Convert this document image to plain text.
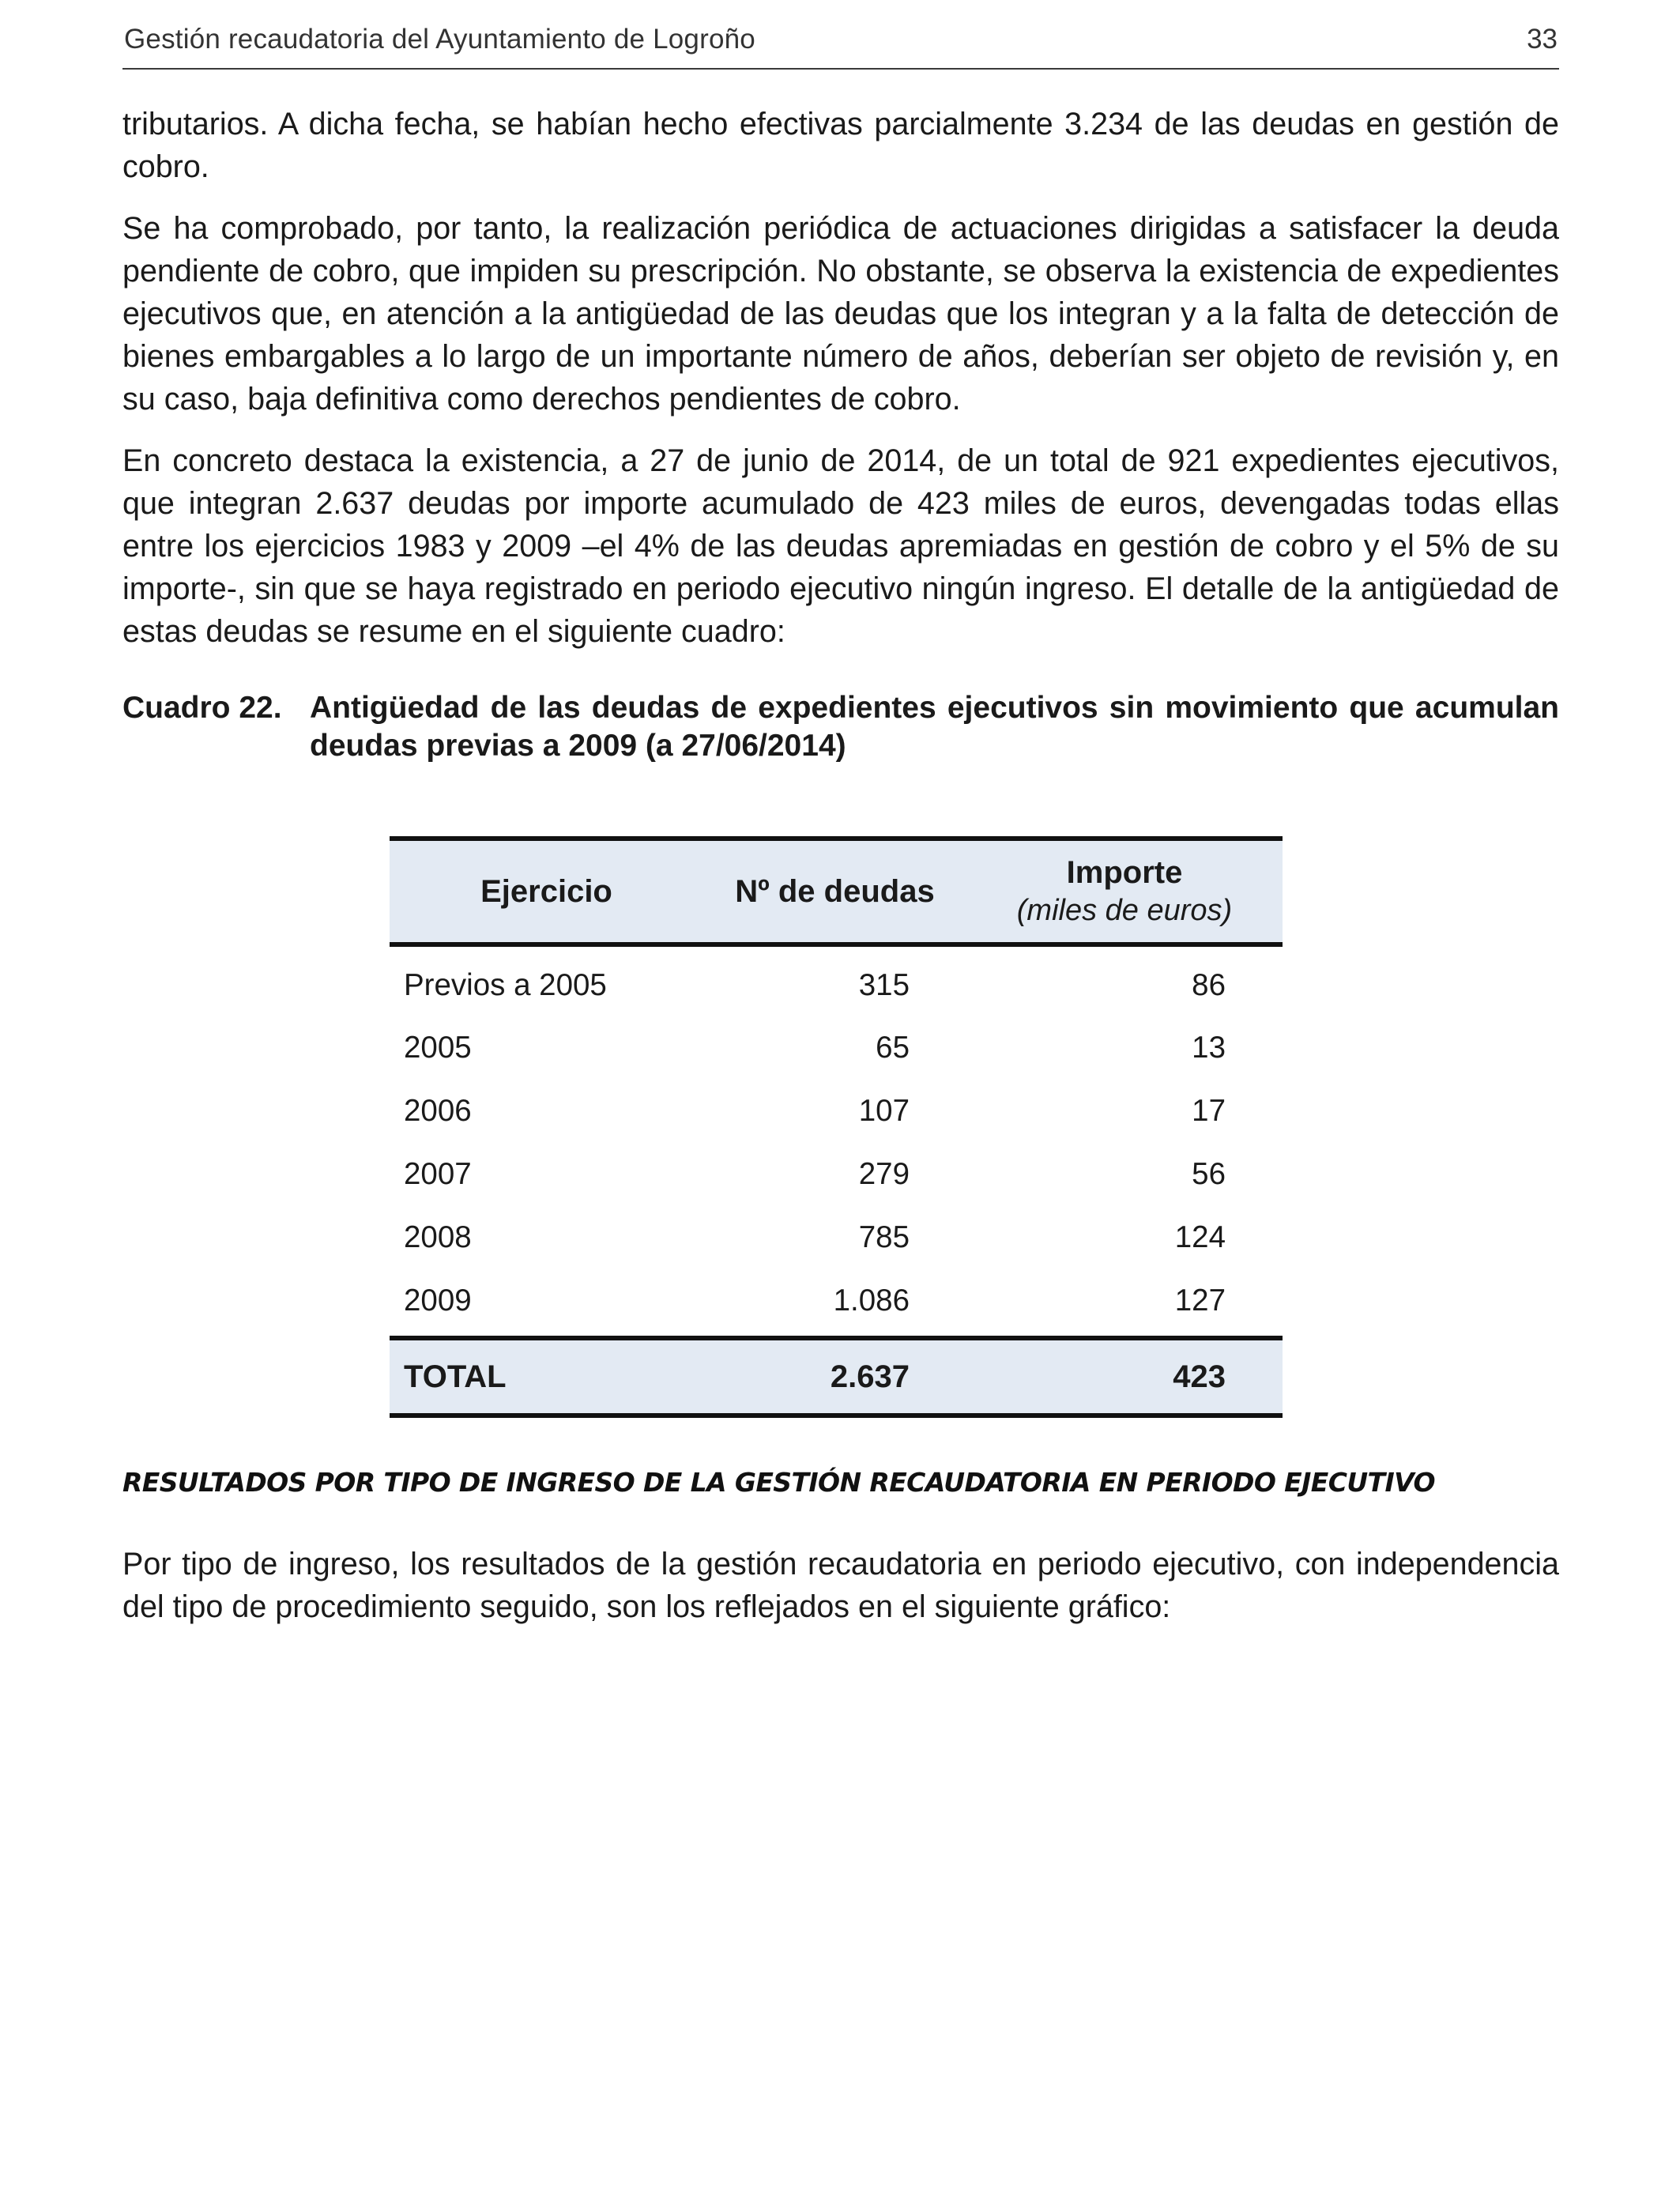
Gestión recaudatoria del Ayuntamiento de Logroño	33

tributarios. A dicha fecha, se habían hecho efectivas parcialmente 3.234 de las deudas en gestión de cobro.

Se ha comprobado, por tanto, la realización periódica de actuaciones dirigidas a satisfacer la deuda pendiente de cobro, que impiden su prescripción. No obstante, se observa la existencia de expedientes ejecutivos que, en atención a la antigüedad de las deudas que los integran y a la falta de detección de bienes embargables a lo largo de un importante número de años, deberían ser objeto de revisión y, en su caso, baja definitiva como derechos pendientes de cobro.

En concreto destaca la existencia, a 27 de junio de 2014, de un total de 921 expedientes ejecutivos, que integran 2.637 deudas por importe acumulado de 423 miles de euros, devengadas todas ellas entre los ejercicios 1983 y 2009 –el 4% de las deudas apremiadas en gestión de cobro y el 5% de su importe-, sin que se haya registrado en periodo ejecutivo ningún ingreso. El detalle de la antigüedad de estas deudas se resume en el siguiente cuadro:

Cuadro 22. Antigüedad de las deudas de expedientes ejecutivos sin movimiento que acumulan deudas previas a 2009 (a 27/06/2014)
Ejercicio	Nº de deudas	Importe
(miles de euros)

Previos a 2005	315	86
2005	65	13
2006	107	17
2007	279	56
2008	785	124
2009	1.086	127
TOTAL	2.637	423
RESULTADOS POR TIPO DE INGRESO DE LA GESTIÓN RECAUDATORIA EN PERIODO EJECUTIVO

Por tipo de ingreso, los resultados de la gestión recaudatoria en periodo ejecutivo, con independencia del tipo de procedimiento seguido, son los reflejados en el siguiente gráfico:
